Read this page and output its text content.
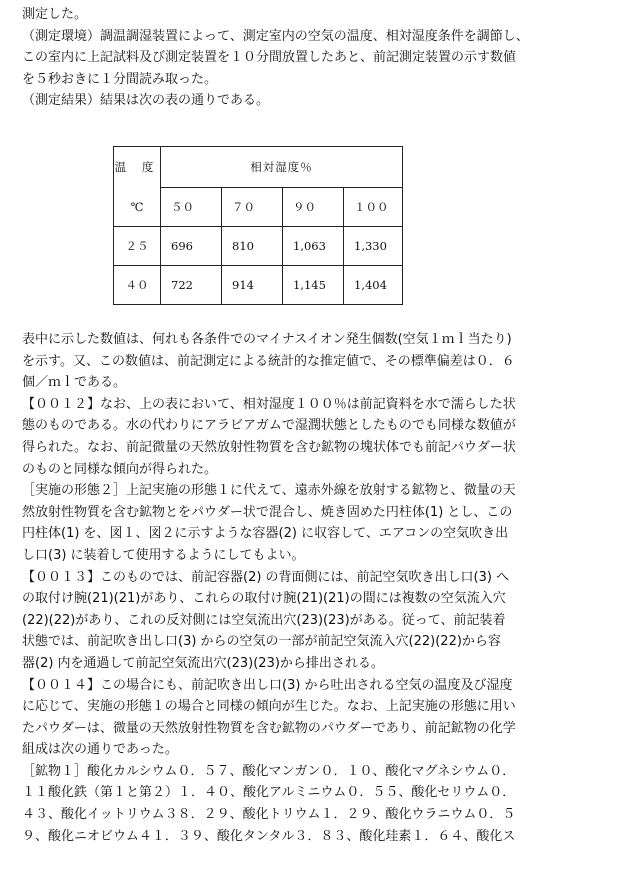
測定した。
（測定環境）調温調湿装置によって、測定室内の空気の温度、相対湿度条件を調節し、
この室内に上記試料及び測定装置を１０分間放置したあと、前記測定装置の示す数値
を５秒おきに１分間読み取った。
（測定結果）結果は次の表の通りである。

温 度	相対湿度％			
℃	５０	７０	９０	１００
２５	696	810	1,063	1,330
４０	722	914	1,145	1,404

表中に示した数値は、何れも各条件でのマイナスイオン発生個数(空気１ｍｌ当たり)
を示す。又、この数値は、前記測定による統計的な推定値で、その標準偏差は０．６
個／ｍｌである。
【００１２】なお、上の表において、相対湿度１００％は前記資料を水で濡らした状
態のものである。水の代わりにアラビアガムで湿潤状態としたものでも同様な数値が
得られた。なお、前記微量の天然放射性物質を含む鉱物の塊状体でも前記パウダー状
のものと同様な傾向が得られた。
［実施の形態２］上記実施の形態１に代えて、遠赤外線を放射する鉱物と、微量の天
然放射性物質を含む鉱物とをパウダー状で混合し、焼き固めた円柱体(1) とし、この
円柱体(1) を、図１、図２に示すような容器(2) に収容して、エアコンの空気吹き出
し口(3) に装着して使用するようにしてもよい。
【００１３】このものでは、前記容器(2) の背面側には、前記空気吹き出し口(3) へ
の取付け腕(21)(21)があり、これらの取付け腕(21)(21)の間には複数の空気流入穴
(22)(22)があり、これの反対側には空気流出穴(23)(23)がある。従って、前記装着
状態では、前記吹き出し口(3) からの空気の一部が前記空気流入穴(22)(22)から容
器(2) 内を通過して前記空気流出穴(23)(23)から排出される。
【００１４】この場合にも、前記吹き出し口(3) から吐出される空気の温度及び湿度
に応じて、実施の形態１の場合と同様の傾向が生じた。なお、上記実施の形態に用い
たパウダーは、微量の天然放射性物質を含む鉱物のパウダーであり、前記鉱物の化学
組成は次の通りであった。
［鉱物１］酸化カルシウム０．５７、酸化マンガン０．１０、酸化マグネシウム０．
１１酸化鉄（第１と第２）１．４０、酸化アルミニウム０．５５、酸化セリウム０．
４３、酸化イットリウム３８．２９、酸化トリウム１．２９、酸化ウラニウム０．５
９、酸化ニオビウム４１．３９、酸化タンタル３．８３、酸化珪素１．６４、酸化ス
